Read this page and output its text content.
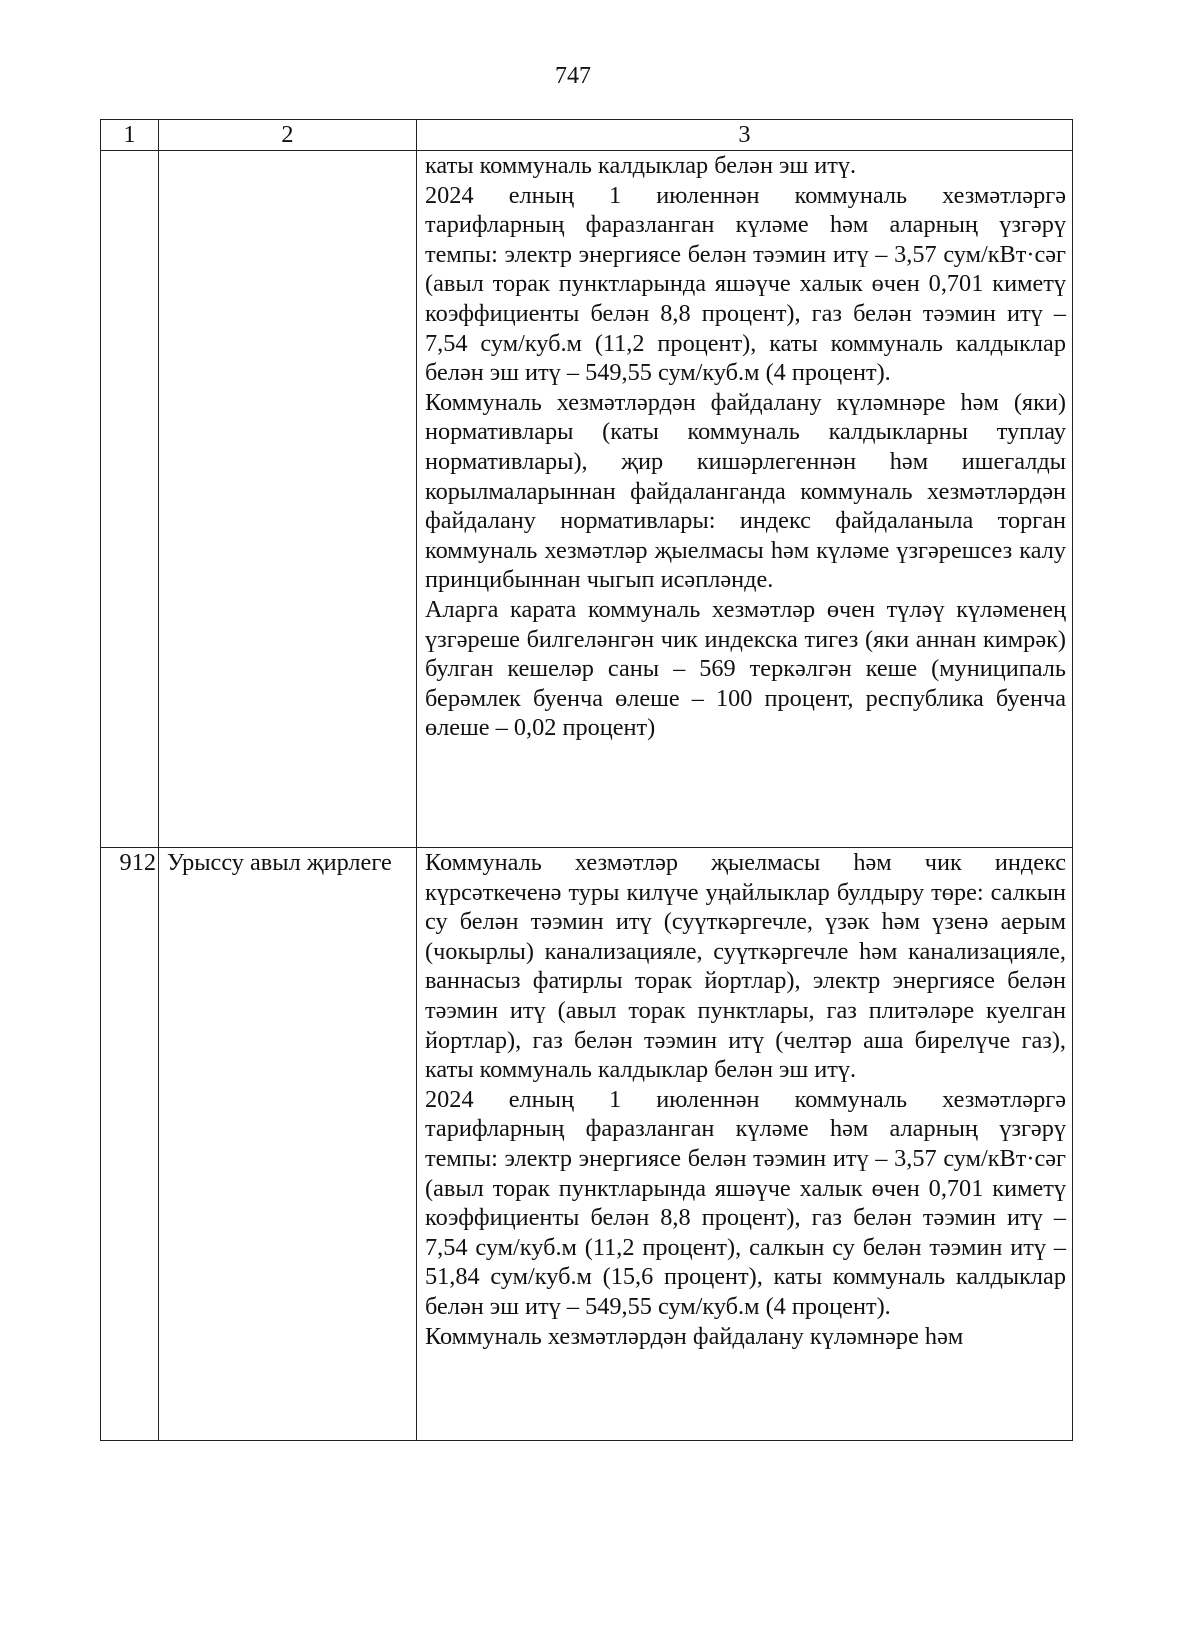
747
1	2	3

		каты коммуналь калдыклар белән эш итү.

2024 елның 1 июленнән коммуналь хезмәтләргә тарифларның фаразланган күләме һәм аларның үзгәрү темпы: электр энергиясе белән тәэмин итү – 3,57 сум/кВт·сәг (авыл торак пунктларында яшәүче халык өчен 0,701 киметү коэффициенты белән 8,8 процент), газ белән тәэмин итү – 7,54 сум/куб.м (11,2 процент), каты коммуналь калдыклар белән эш итү – 549,55 сум/куб.м (4 процент).

Коммуналь хезмәтләрдән файдалану күләмнәре һәм (яки) нормативлары (каты коммуналь калдыкларны туплау нормативлары), җир кишәрлегеннән һәм ишегалды корылмаларыннан файдаланганда коммуналь хезмәтләрдән файдалану нормативлары: индекс файдаланыла торган коммуналь хезмәтләр җыелмасы һәм күләме үзгәрешсез калу принцибыннан чыгып исәпләнде.

Аларга карата коммуналь хезмәтләр өчен түләү күләменең үзгәреше билгеләнгән чик индекска тигез (яки аннан кимрәк) булган кешеләр саны – 569 теркәлгән кеше (муниципаль берәмлек буенча өлеше – 100 процент, республика буенча өлеше – 0,02 процент)

912	Урыссу авыл җирлеге	Коммуналь хезмәтләр җыелмасы һәм чик индекс күрсәткеченә туры килүче уңайлыклар булдыру төре: салкын су белән тәэмин итү (суүткәргечле, үзәк һәм үзенә аерым (чокырлы) канализацияле, суүткәргечле һәм канализацияле, ваннасыз фатирлы торак йортлар), электр энергиясе белән тәэмин итү (авыл торак пунктлары, газ плитәләре куелган йортлар), газ белән тәэмин итү (челтәр аша бирелүче газ), каты коммуналь калдыклар белән эш итү.

2024 елның 1 июленнән коммуналь хезмәтләргә тарифларның фаразланган күләме һәм аларның үзгәрү темпы: электр энергиясе белән тәэмин итү – 3,57 сум/кВт·сәг (авыл торак пунктларында яшәүче халык өчен 0,701 киметү коэффициенты белән 8,8 процент), газ белән тәэмин итү – 7,54 сум/куб.м (11,2 процент), салкын су белән тәэмин итү – 51,84 сум/куб.м (15,6 процент), каты коммуналь калдыклар белән эш итү – 549,55 сум/куб.м (4 процент).

Коммуналь хезмәтләрдән файдалану күләмнәре һәм
